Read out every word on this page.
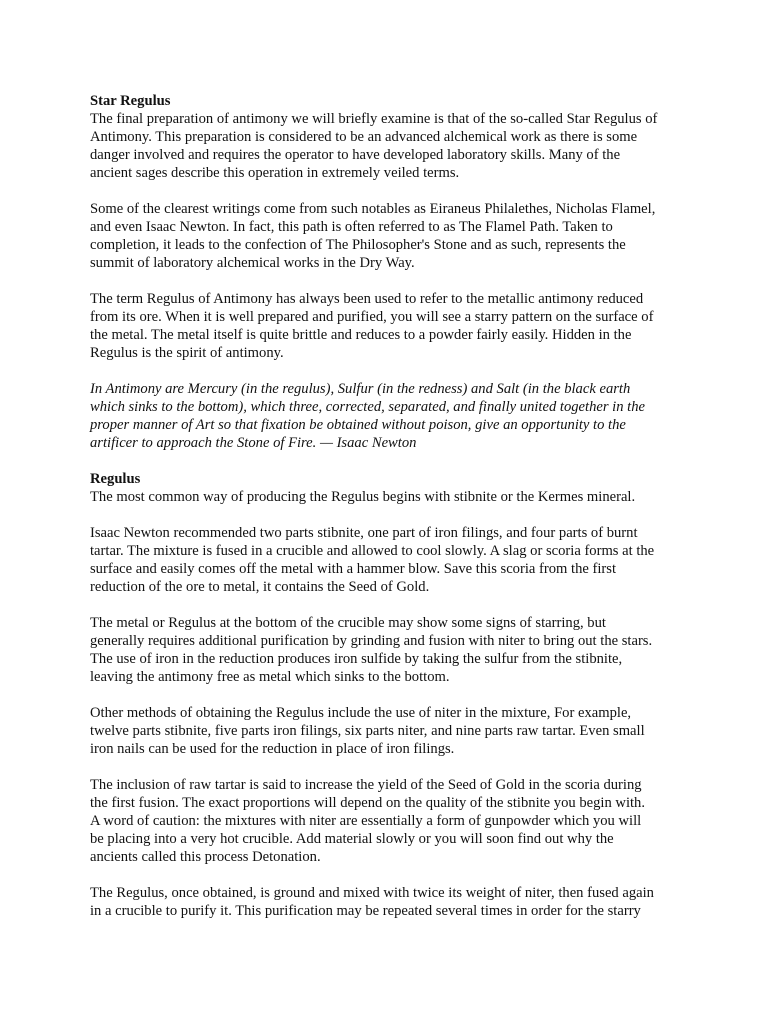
Star Regulus
The final preparation of antimony we will briefly examine is that of the so-called Star Regulus of
Antimony. This preparation is considered to be an advanced alchemical work as there is some
danger involved and requires the operator to have developed laboratory skills. Many of the
ancient sages describe this operation in extremely veiled terms.
Some of the clearest writings come from such notables as Eiraneus Philalethes, Nicholas Flamel,
and even Isaac Newton. In fact, this path is often referred to as The Flamel Path. Taken to
completion, it leads to the confection of The Philosopher's Stone and as such, represents the
summit of laboratory alchemical works in the Dry Way.
The term Regulus of Antimony has always been used to refer to the metallic antimony reduced
from its ore. When it is well prepared and purified, you will see a starry pattern on the surface of
the metal. The metal itself is quite brittle and reduces to a powder fairly easily. Hidden in the
Regulus is the spirit of antimony.
In Antimony are Mercury (in the regulus), Sulfur (in the redness) and Salt (in the black earth
which sinks to the bottom), which three, corrected, separated, and finally united together in the
proper manner of Art so that fixation be obtained without poison, give an opportunity to the
artificer to approach the Stone of Fire. — Isaac Newton
Regulus
The most common way of producing the Regulus begins with stibnite or the Kermes mineral.
Isaac Newton recommended two parts stibnite, one part of iron filings, and four parts of burnt
tartar. The mixture is fused in a crucible and allowed to cool slowly. A slag or scoria forms at the
surface and easily comes off the metal with a hammer blow. Save this scoria from the first
reduction of the ore to metal, it contains the Seed of Gold.
The metal or Regulus at the bottom of the crucible may show some signs of starring, but
generally requires additional purification by grinding and fusion with niter to bring out the stars.
The use of iron in the reduction produces iron sulfide by taking the sulfur from the stibnite,
leaving the antimony free as metal which sinks to the bottom.
Other methods of obtaining the Regulus include the use of niter in the mixture, For example,
twelve parts stibnite, five parts iron filings, six parts niter, and nine parts raw tartar. Even small
iron nails can be used for the reduction in place of iron filings.
The inclusion of raw tartar is said to increase the yield of the Seed of Gold in the scoria during
the first fusion. The exact proportions will depend on the quality of the stibnite you begin with.
A word of caution: the mixtures with niter are essentially a form of gunpowder which you will
be placing into a very hot crucible. Add material slowly or you will soon find out why the
ancients called this process Detonation.
The Regulus, once obtained, is ground and mixed with twice its weight of niter, then fused again
in a crucible to purify it. This purification may be repeated several times in order for the starry
